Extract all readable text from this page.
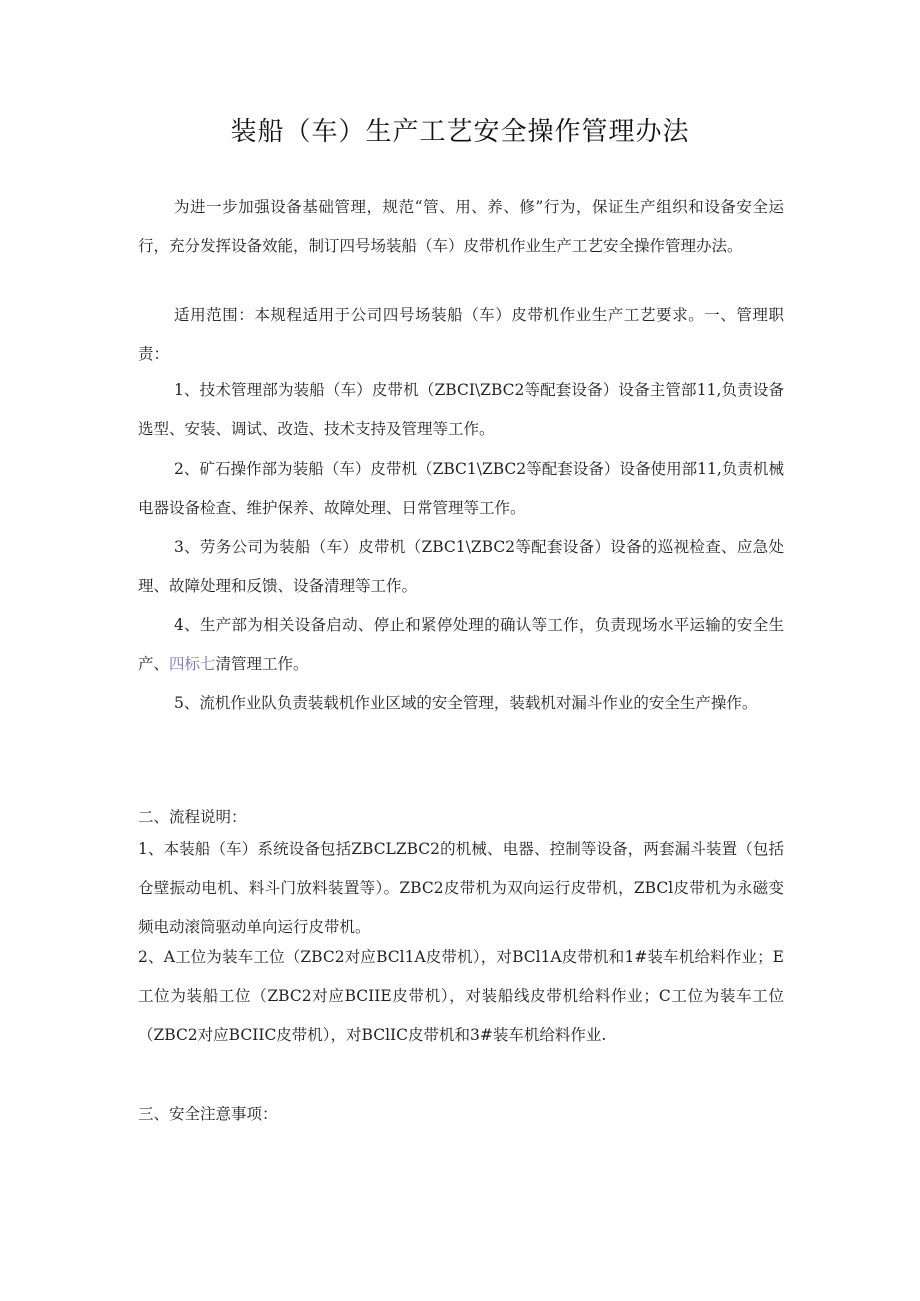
装船（车）生产工艺安全操作管理办法

为进一步加强设备基础管理，规范“管、用、养、修”行为，保证生产组织和设备安全运行，充分发挥设备效能，制订四号场装船（车）皮带机作业生产工艺安全操作管理办法。

适用范围：本规程适用于公司四号场装船（车）皮带机作业生产工艺要求。一、管理职责：

1、技术管理部为装船（车）皮带机（ZBCI\ZBC2等配套设备）设备主管部11,负责设备选型、安装、调试、改造、技术支持及管理等工作。

2、矿石操作部为装船（车）皮带机（ZBC1\ZBC2等配套设备）设备使用部11,负责机械电器设备检查、维护保养、故障处理、日常管理等工作。

3、劳务公司为装船（车）皮带机（ZBC1\ZBC2等配套设备）设备的巡视检查、应急处理、故障处理和反馈、设备清理等工作。

4、生产部为相关设备启动、停止和紧停处理的确认等工作，负责现场水平运输的安全生产、四标七清管理工作。

5、流机作业队负责装载机作业区域的安全管理，装载机对漏斗作业的安全生产操作。

二、流程说明：

1、本装船（车）系统设备包括ZBCLZBC2的机械、电器、控制等设备，两套漏斗装置（包括仓壁振动电机、料斗门放料装置等）。ZBC2皮带机为双向运行皮带机，ZBCl皮带机为永磁变频电动滚筒驱动单向运行皮带机。

2、A工位为装车工位（ZBC2对应BCl1A皮带机），对BCl1A皮带机和1#装车机给料作业；E工位为装船工位（ZBC2对应BCIIE皮带机），对装船线皮带机给料作业；C工位为装车工位（ZBC2对应BCIIC皮带机），对BClIC皮带机和3#装车机给料作业.

三、安全注意事项：
